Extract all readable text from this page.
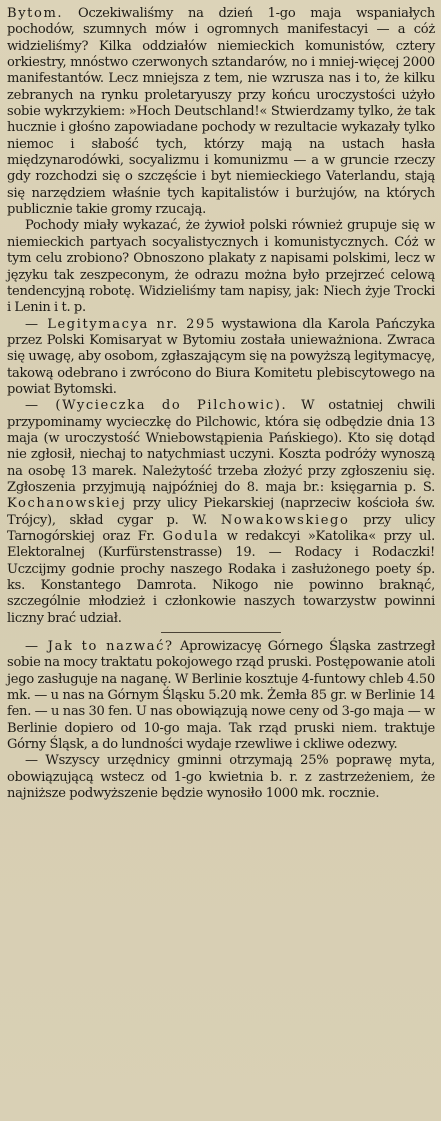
Bytom. Oczekiwaliśmy na dzień 1-go maja wspaniałych pochodów, szumnych mów i ogromnych manifestacyi — a cóż widzieliśmy? Kilka oddziałów niemieckich komunistów, cztery orkiestry, mnóstwo czerwonych sztandarów, no i mniej-więcej 2000 manifestantów. Lecz mniejsza z tem, nie wzrusza nas i to, że kilku zebranych na rynku proletaryuszy przy końcu uroczystości użyło sobie wykrzykiem: »Hoch Deutschland!« Stwierdzamy tylko, że tak hucznie i głośno zapowiadane pochody w rezultacie wykazały tylko niemoc i słabość tych, którzy mają na ustach hasła międzynarodówki, socyalizmu i komunizmu — a w gruncie rzeczy gdy rozchodzi się o szczęście i byt niemieckiego Vaterlandu, stają się narzędziem właśnie tych kapitalistów i burżujów, na których publicznie takie gromy rzucają.

Pochody miały wykazać, że żywioł polski również grupuje się w niemieckich partyach socyalistycznych i komunistycznych. Cóż w tym celu zrobiono? Obnoszono plakaty z napisami polskimi, lecz w języku tak zeszpeconym, że odrazu można było przejrzeć celową tendencyjną robotę. Widzieliśmy tam napisy, jak: Niech żyje Trocki i Lenin i t. p.

— Legitymacya nr. 295 wystawiona dla Karola Pańczyka przez Polski Komisaryat w Bytomiu została unieważniona. Zwraca się uwagę, aby osobom, zgłaszającym się na powyższą legitymacyę, takową odebrano i zwrócono do Biura Komitetu plebiscytowego na powiat Bytomski.

— (Wycieczka do Pilchowic). W ostatniej chwili przypominamy wycieczkę do Pilchowic, która się odbędzie dnia 13 maja (w uroczystość Wniebowstąpienia Pańskiego). Kto się dotąd nie zgłosił, niechaj to natychmiast uczyni. Koszta podróży wynoszą na osobę 13 marek. Należytość trzeba złożyć przy zgłoszeniu się. Zgłoszenia przyjmują najpóźniej do 8. maja br.: księgarnia p. S. Kochanowskiej przy ulicy Piekarskiej (naprzeciw kościoła św. Trójcy), skład cygar p. W. Nowakowskiego przy ulicy Tarnogórskiej oraz Fr. Godula w redakcyi »Katolika« przy ul. Elektoralnej (Kurfürstenstrasse) 19. — Rodacy i Rodaczki! Uczcijmy godnie prochy naszego Rodaka i zasłużonego poety śp. ks. Konstantego Damrota. Nikogo nie powinno braknąć, szczególnie młodzież i członkowie naszych towarzystw powinni liczny brać udział.

— Jak to nazwać? Aprowizacyę Górnego Śląska zastrzegł sobie na mocy traktatu pokojowego rząd pruski. Postępowanie atoli jego zasługuje na naganę. W Berlinie kosztuje 4-funtowy chleb 4.50 mk. — u nas na Górnym Śląsku 5.20 mk. Żemła 85 gr. w Berlinie 14 fen. — u nas 30 fen. U nas obowiązują nowe ceny od 3-go maja — w Berlinie dopiero od 10-go maja. Tak rząd pruski niem. traktuje Górny Śląsk, a do lundności wydaje rzewliwe i ckliwe odezwy.

— Wszyscy urzędnicy gminni otrzymają 25% poprawę myta, obowiązującą wstecz od 1-go kwietnia b. r. z zastrzeżeniem, że najniższe podwyższenie będzie wynosiło 1000 mk. rocznie.
